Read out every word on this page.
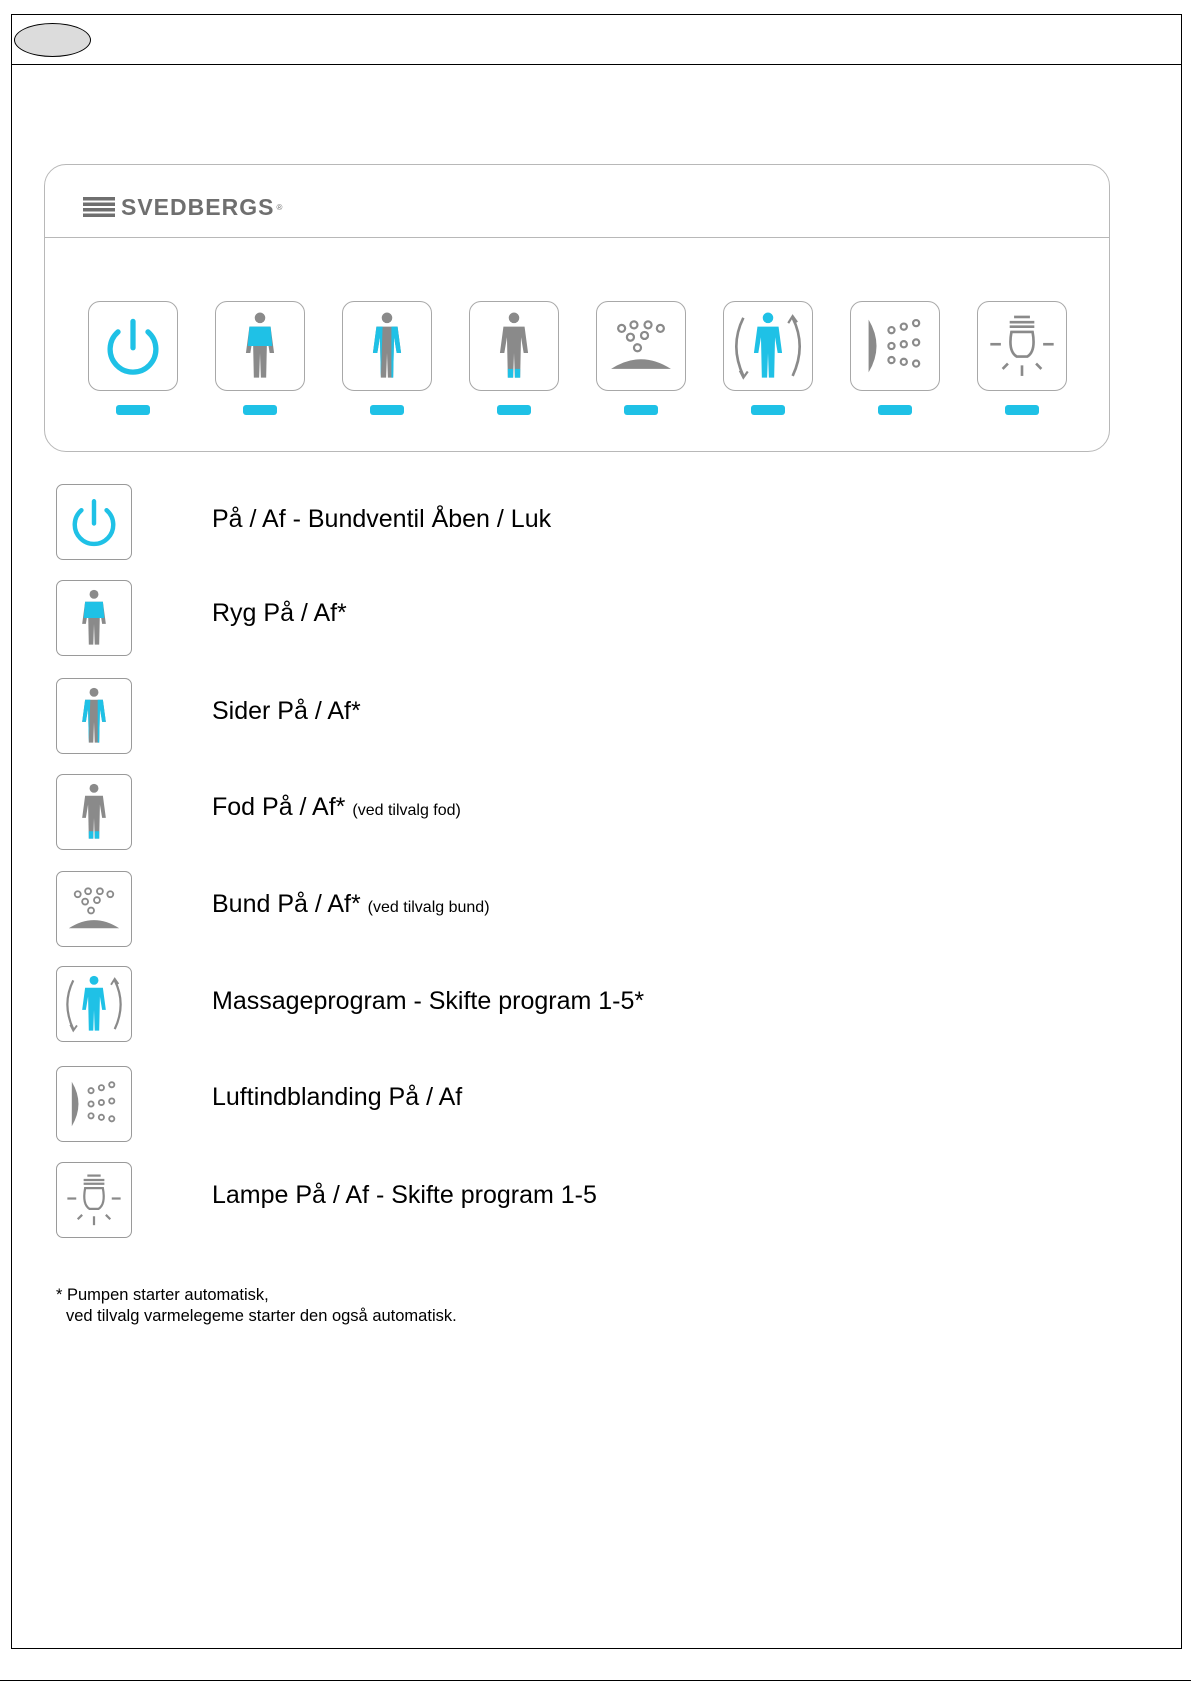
SVEDBERGS ®
På / Af - Bundventil Åben / Luk
Ryg På / Af*
Sider På / Af*
Fod På / Af* (ved tilvalg fod)
Bund På / Af* (ved tilvalg bund)
Massageprogram - Skifte program 1-5*
Luftindblanding På / Af
Lampe På / Af - Skifte program 1-5
* Pumpen starter automatisk,
ved tilvalg varmelegeme starter den også automatisk.
